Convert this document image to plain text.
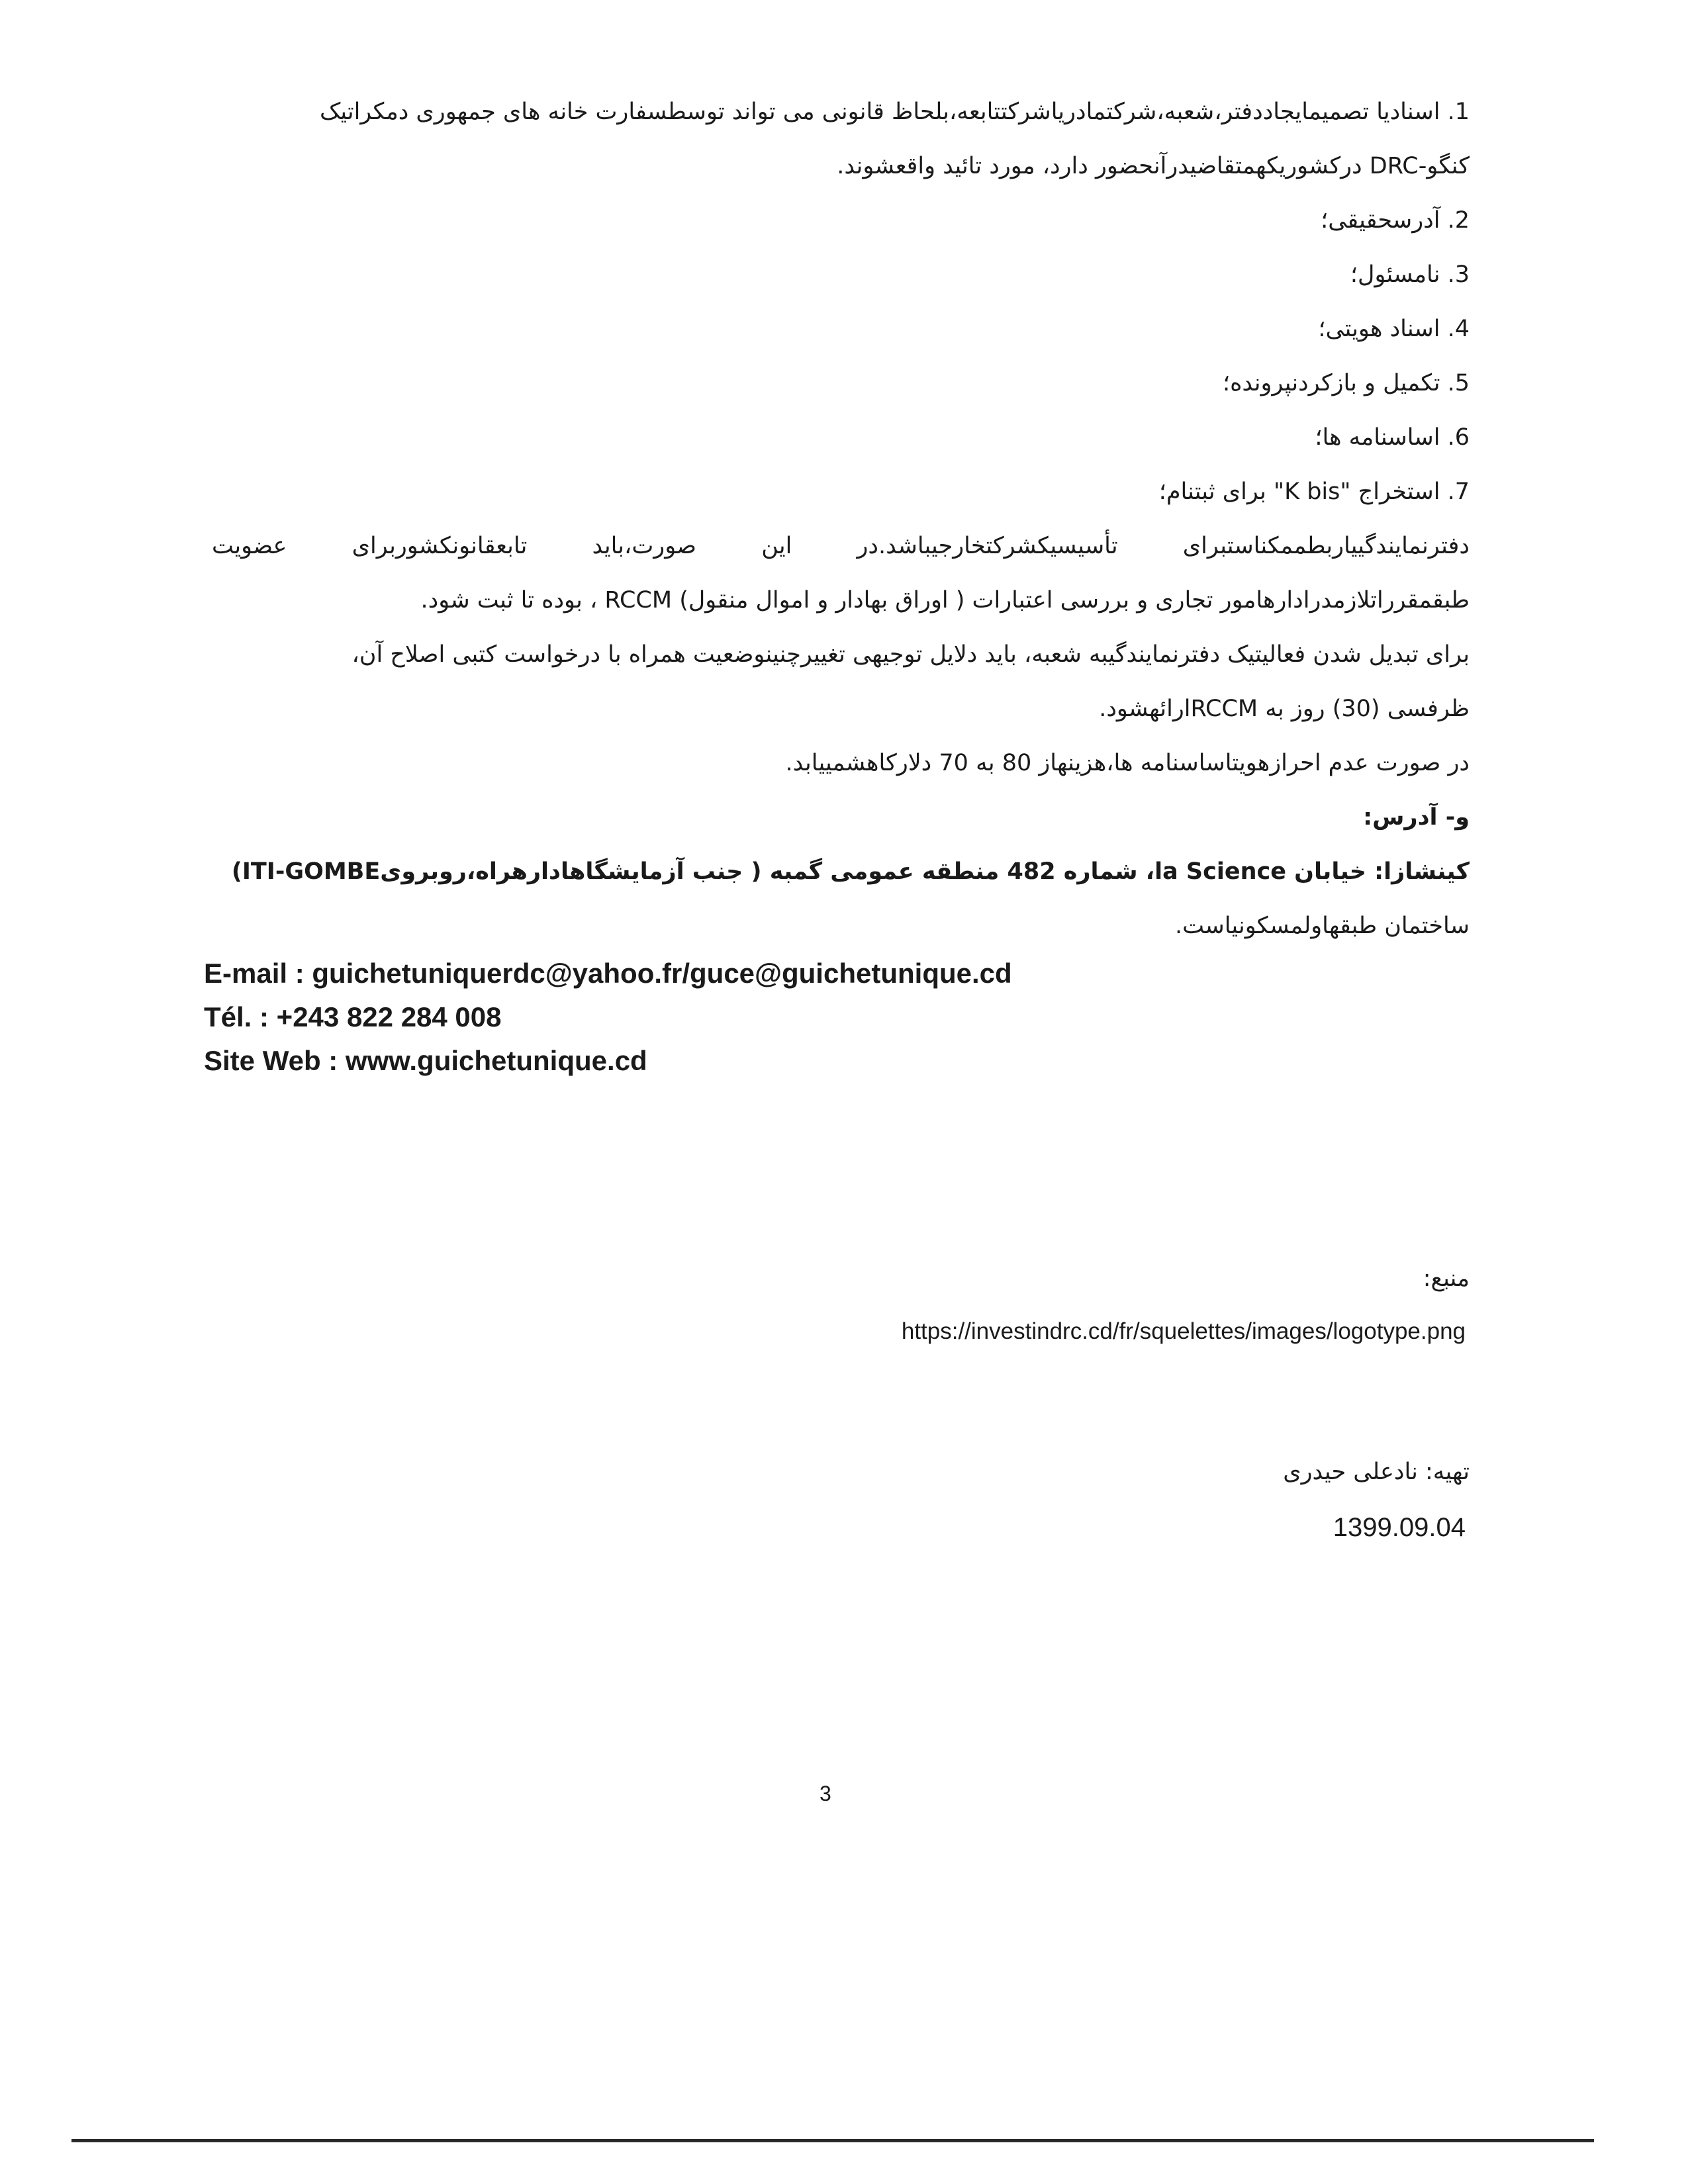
1. اسنادیا تصمیمایجاددفتر،شعبه،شرکتمادریاشرکتتابعه،بلحاظ قانونی می تواند توسطسفارت خانه های جمهوری دمکراتیک

کنگو-DRC درکشوریکهمتقاضیدرآنحضور دارد، مورد تائید واقعشوند.

2. آدرسحقیقی؛

3. نامسئول؛

4. اسناد هویتی؛

5. تکمیل و بازکردنپرونده؛

6. اساسنامه ها؛

7. استخراج "K bis" برای ثبتنام؛

دفترنمایندگییاربطممکناستبرای
تأسیسیکشرکتخارجیباشد.در
این
صورت،باید
تابعقانونکشوربرای
عضویت

طبقمقرراتلازمدرادارهامور تجاری و بررسی اعتبارات ( اوراق بهادار و اموال منقول) RCCM ، بوده تا ثبت شود.

برای تبدیل شدن فعالیتیک دفترنمایندگیبه شعبه، باید دلایل توجیهی تغییرچنینوضعیت همراه با درخواست کتبی اصلاح آن،

ظرفسی (30) روز به RCCMارائهشود.

در صورت عدم احرازهویتاساسنامه ها،هزینهاز 80 به 70 دلارکاهشمییابد.

و- آدرس:

کینشازا: خیابان la Science، شماره 482 منطقه عمومی گمبه ( جنب آزمایشگاهادارهراه،روبرویITI-GOMBE)

ساختمان طبقهاولمسکونیاست.

E-mail : guichetuniquerdc@yahoo.fr/guce@guichetunique.cd
Tél. : +243 822 284 008
Site Web : www.guichetunique.cd
منبع:
https://investindrc.cd/fr/squelettes/images/logotype.png
تهیه: نادعلی حیدری
1399.09.04
3
